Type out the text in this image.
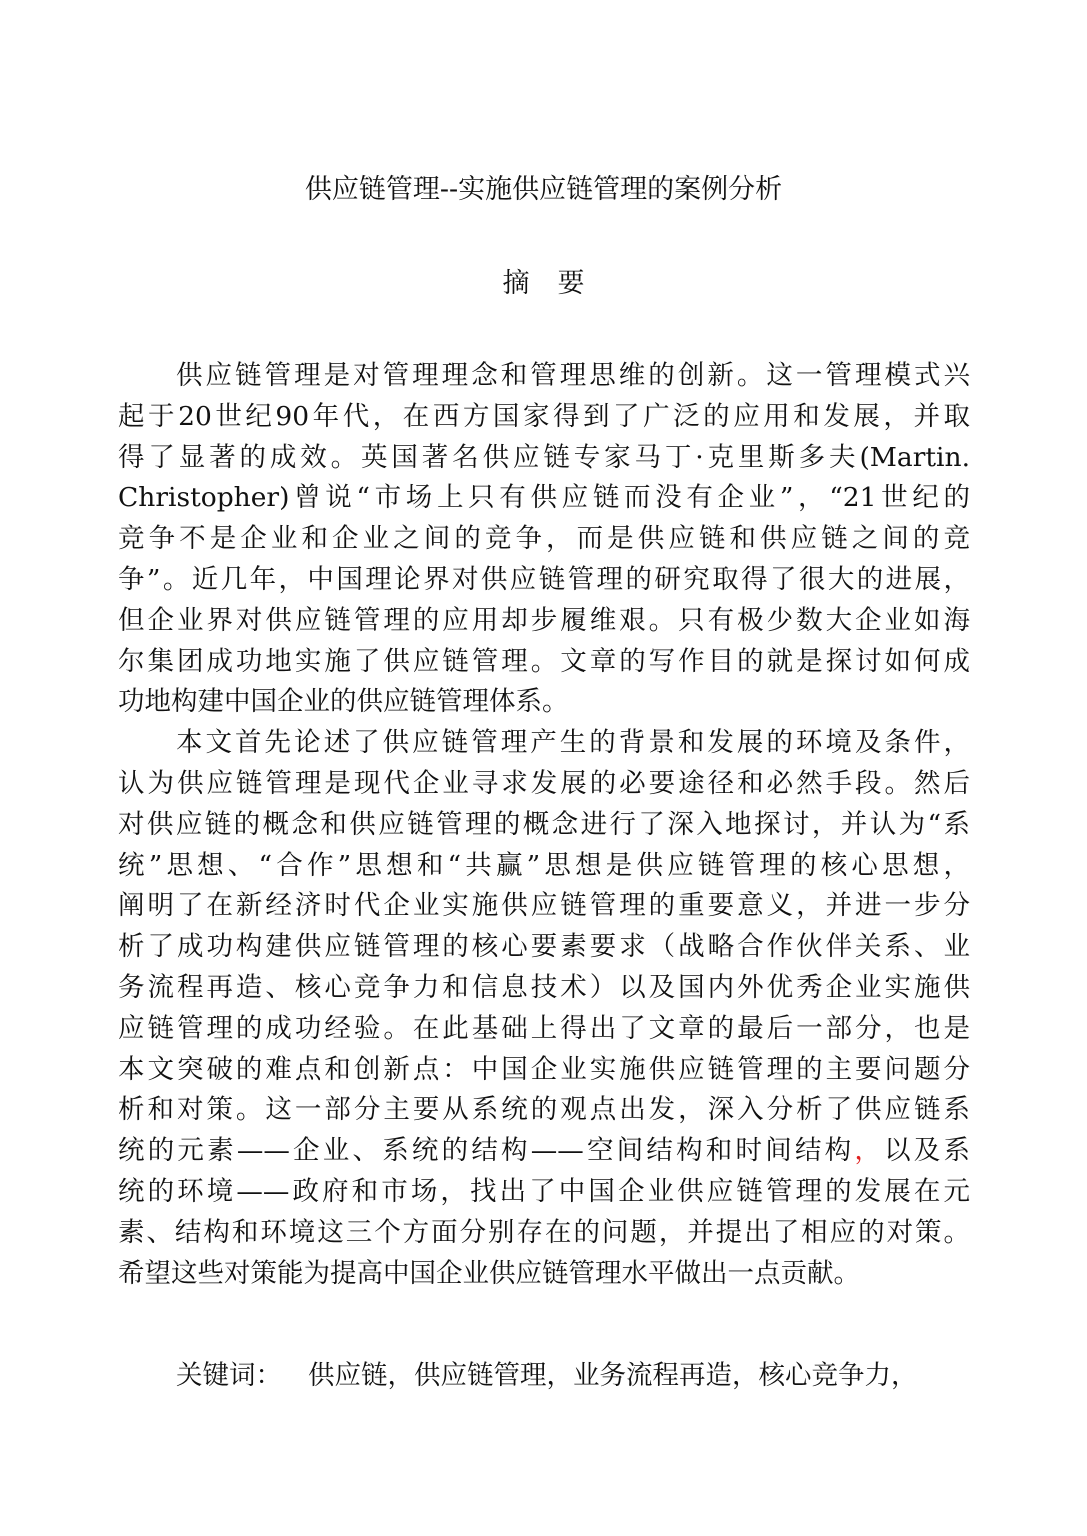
供应链管理--实施供应链管理的案例分析
摘要

供应链管理是对管理理念和管理思维的创新。这一管理模式兴
起于20世纪90年代，在西方国家得到了广泛的应用和发展，并取
得了显著的成效。英国著名供应链专家马丁·克里斯多夫(Martin.
Christopher)曾说“市场上只有供应链而没有企业”，“21世纪的
竞争不是企业和企业之间的竞争，而是供应链和供应链之间的竞
争”。近几年，中国理论界对供应链管理的研究取得了很大的进展，
但企业界对供应链管理的应用却步履维艰。只有极少数大企业如海
尔集团成功地实施了供应链管理。文章的写作目的就是探讨如何成
功地构建中国企业的供应链管理体系。

本文首先论述了供应链管理产生的背景和发展的环境及条件，
认为供应链管理是现代企业寻求发展的必要途径和必然手段。然后
对供应链的概念和供应链管理的概念进行了深入地探讨，并认为“系
统”思想、“合作”思想和“共赢”思想是供应链管理的核心思想，
阐明了在新经济时代企业实施供应链管理的重要意义，并进一步分
析了成功构建供应链管理的核心要素要求（战略合作伙伴关系、业
务流程再造、核心竞争力和信息技术）以及国内外优秀企业实施供
应链管理的成功经验。在此基础上得出了文章的最后一部分，也是
本文突破的难点和创新点：中国企业实施供应链管理的主要问题分
析和对策。这一部分主要从系统的观点出发，深入分析了供应链系
统的元素——企业、系统的结构——空间结构和时间结构，以及系
统的环境——政府和市场，找出了中国企业供应链管理的发展在元
素、结构和环境这三个方面分别存在的问题，并提出了相应的对策。
希望这些对策能为提高中国企业供应链管理水平做出一点贡献。

关键词： 供应链，供应链管理，业务流程再造，核心竞争力，
